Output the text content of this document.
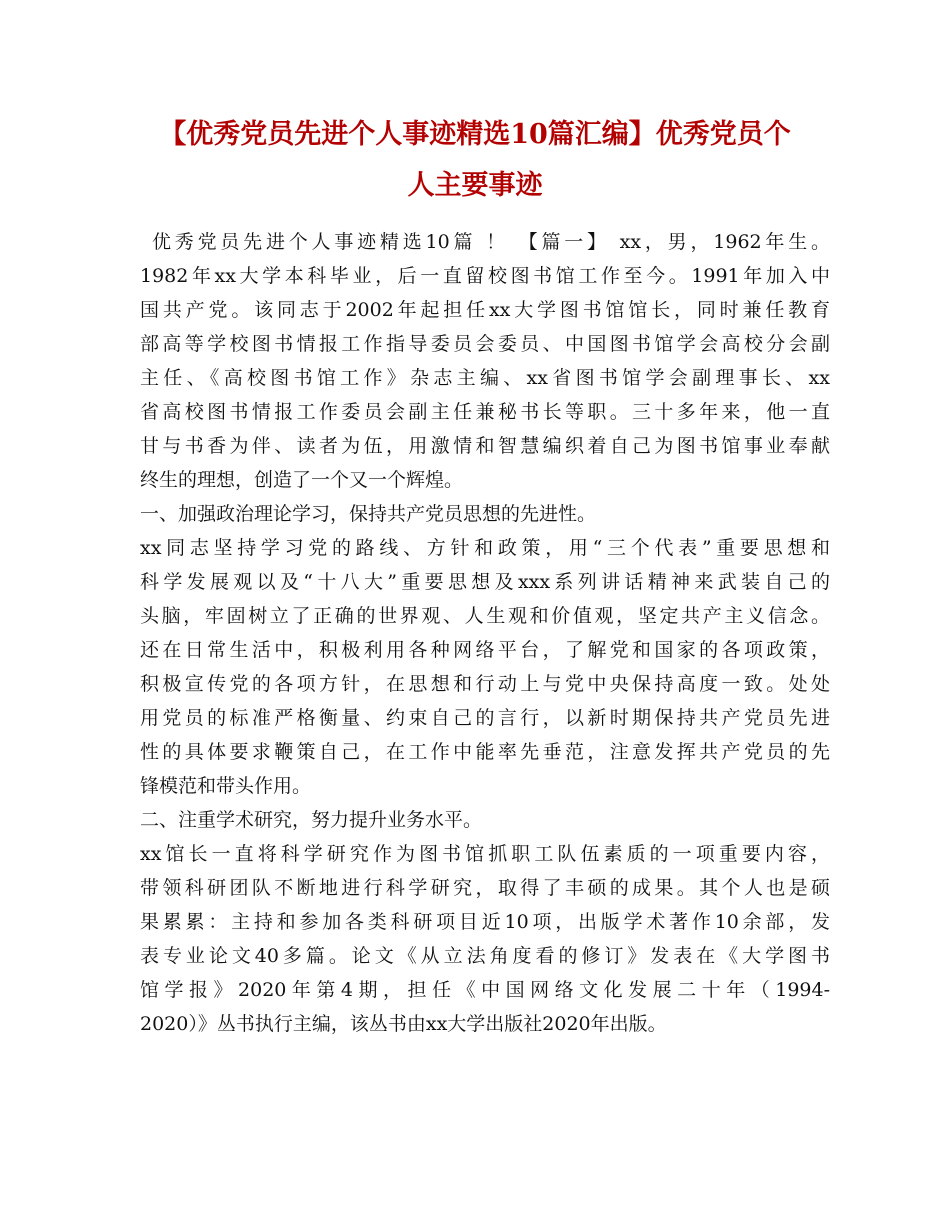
【优秀党员先进个人事迹精选10篇汇编】优秀党员个
人主要事迹
优秀党员先进个人事迹精选10篇 ！ 【篇一】 xx，男，1962年生。
1982年xx大学本科毕业，后一直留校图书馆工作至今。1991年加入中
国共产党。该同志于2002年起担任xx大学图书馆馆长，同时兼任教育
部高等学校图书情报工作指导委员会委员、中国图书馆学会高校分会副
主任、《高校图书馆工作》杂志主编、xx省图书馆学会副理事长、xx
省高校图书情报工作委员会副主任兼秘书长等职。三十多年来，他一直
甘与书香为伴、读者为伍，用激情和智慧编织着自己为图书馆事业奉献
终生的理想，创造了一个又一个辉煌。
一、加强政治理论学习，保持共产党员思想的先进性。
xx同志坚持学习党的路线、方针和政策，用“三个代表”重要思想和
科学发展观以及“十八大”重要思想及xxx系列讲话精神来武装自己的
头脑，牢固树立了正确的世界观、人生观和价值观，坚定共产主义信念。
还在日常生活中，积极利用各种网络平台，了解党和国家的各项政策，
积极宣传党的各项方针，在思想和行动上与党中央保持高度一致。处处
用党员的标准严格衡量、约束自己的言行，以新时期保持共产党员先进
性的具体要求鞭策自己，在工作中能率先垂范，注意发挥共产党员的先
锋模范和带头作用。
二、注重学术研究，努力提升业务水平。
xx馆长一直将科学研究作为图书馆抓职工队伍素质的一项重要内容，
带领科研团队不断地进行科学研究，取得了丰硕的成果。其个人也是硕
果累累：主持和参加各类科研项目近10项，出版学术著作10余部，发
表专业论文40多篇。论文《从立法角度看的修订》发表在《大学图书
馆学报》2020年第4期，担任《中国网络文化发展二十年（1994-
2020）》丛书执行主编，该丛书由xx大学出版社2020年出版。
